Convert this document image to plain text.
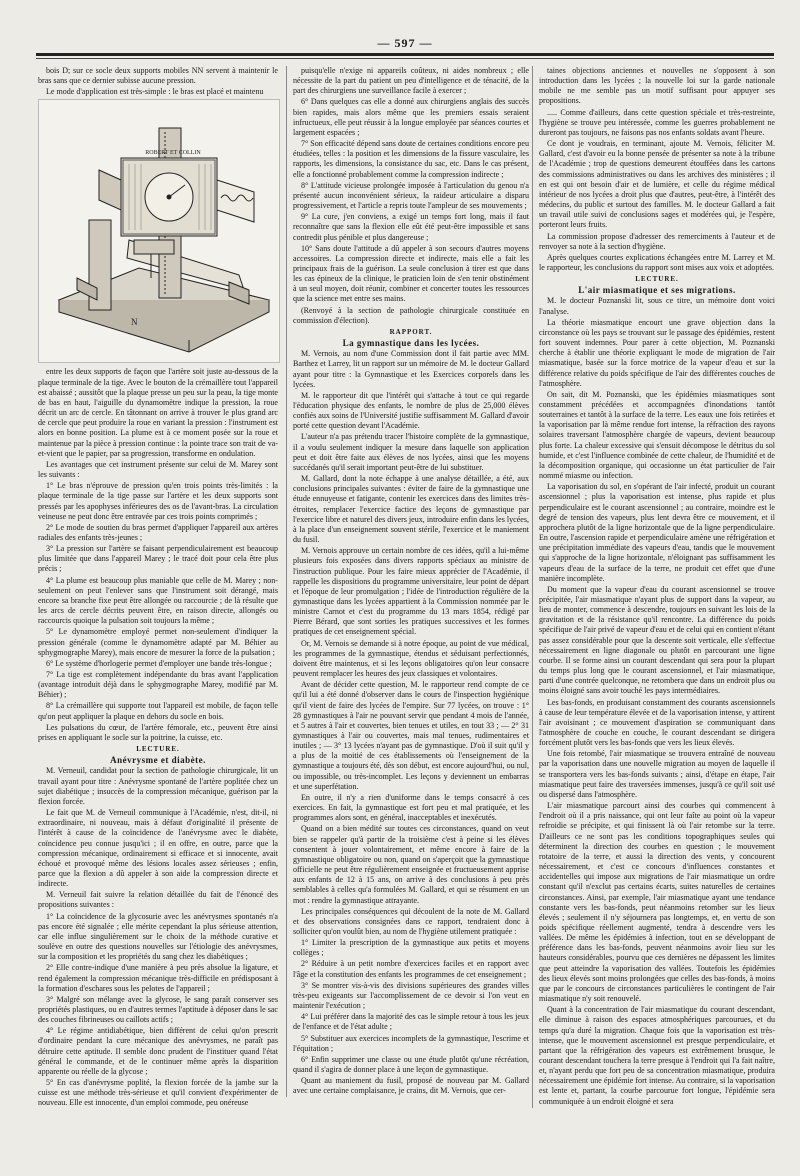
— 597 —

bois D; sur ce socle deux supports mobiles NN servent à maintenir le bras sans que ce dernier subisse aucune pression.

Le mode d'application est très-simple : le bras est placé et maintenu

ROBERT ET COLLIN
N

entre les deux supports de façon que l'artère soit juste au-dessous de la plaque terminale de la tige. Avec le bouton de la crémaillère tout l'appareil est abaissé ; aussitôt que la plaque presse un peu sur la peau, la tige monte de bas en haut, l'aiguille du dynamomètre indique la pression, la roue décrit un arc de cercle. En tâtonnant on arrive à trouver le plus grand arc de cercle que peut produire la roue en variant la pression : l'instrument est alors en bonne position. La plume est à ce moment posée sur la roue et maintenue par la pièce à pression continue : la pointe trace son trait de va-et-vient que le papier, par sa progression, transforme en ondulation.

Les avantages que cet instrument présente sur celui de M. Marey sont les suivants :

1° Le bras n'éprouve de pression qu'en trois points très-limités : la plaque terminale de la tige passe sur l'artère et les deux supports sont pressés par les apophyses inférieures des os de l'avant-bras. La circulation veineuse ne peut donc être entravée par ces trois points comprimés ;

2° Le mode de soutien du bras permet d'appliquer l'appareil aux artères radiales des enfants très-jeunes ;

3° La pression sur l'artère se faisant perpendiculairement est beaucoup plus limitée que dans l'appareil Marey ; le tracé doit pour cela être plus précis ;

4° La plume est beaucoup plus maniable que celle de M. Marey ; non-seulement on peut l'enlever sans que l'instrument soit dérangé, mais encore sa branche fixe peut être allongée ou raccourcie ; de là résulte que les arcs de cercle décrits peuvent être, en raison directe, allongés ou raccourcis quoique la pulsation soit toujours la même ;

5° Le dynamomètre employé permet non-seulement d'indiquer la pression générale (comme le dynamomètre adapté par M. Béhier au sphygmographe Marey), mais encore de mesurer la force de la pulsation ;

6° Le système d'horlogerie permet d'employer une bande très-longue ;

7° La tige est complètement indépendante du bras avant l'application (avantage introduit déjà dans le sphygmographe Marey, modifié par M. Béhier) ;

8° La crémaillère qui supporte tout l'appareil est mobile, de façon telle qu'on peut appliquer la plaque en dehors du socle en bois.

Les pulsations du cœur, de l'artère fémorale, etc., peuvent être ainsi prises en appliquant le socle sur la poitrine, la cuisse, etc.

LECTURE.

Anévrysme et diabète.

M. Verneuil, candidat pour la section de pathologie chirurgicale, lit un travail ayant pour titre : Anévrysme spontané de l'artère poplitée chez un sujet diabétique ; insuccès de la compression mécanique, guérison par la flexion forcée.

Le fait que M. de Verneuil communique à l'Académie, n'est, dit-il, ni extraordinaire, ni nouveau, mais à défaut d'originalité il présente de l'intérêt à cause de la coïncidence de l'anévrysme avec le diabète, coïncidence peu connue jusqu'ici ; il en offre, en outre, parce que la compression mécanique, ordinairement si efficace et si innocente, avait échoué et provoqué même des lésions locales assez sérieuses ; enfin, parce que la flexion a dû appeler à son aide la compression directe et indirecte.

M. Verneuil fait suivre la relation détaillée du fait de l'énoncé des propositions suivantes :

1° La coïncidence de la glycosurie avec les anévrysmes spontanés n'a pas encore été signalée ; elle mérite cependant la plus sérieuse attention, car elle influe singulièrement sur le choix de la méthode curative et soulève en outre des questions nouvelles sur l'étiologie des anévrysmes, sur la composition et les propriétés du sang chez les diabétiques ;

2° Elle contre-indique d'une manière à peu près absolue la ligature, et rend également la compression mécanique très-difficile en prédisposant à la formation d'eschares sous les pelotes de l'appareil ;

3° Malgré son mélange avec la glycose, le sang paraît conserver ses propriétés plastiques, ou en d'autres termes l'aptitude à déposer dans le sac des couches fibrineuses ou caillots actifs ;

4° Le régime antidiabétique, bien différent de celui qu'on prescrit d'ordinaire pendant la cure mécanique des anévrysmes, ne paraît pas détruire cette aptitude. Il semble donc prudent de l'instituer quand l'état général le commande, et de le continuer même après la disparition apparente ou réelle de la glycose ;

5° En cas d'anévrysme poplité, la flexion forcée de la jambe sur la cuisse est une méthode très-sérieuse et qu'il convient d'expérimenter de nouveau. Elle est innocente, d'un emploi commode, peu onéreuse

puisqu'elle n'exige ni appareils coûteux, ni aides nombreux ; elle nécessite de la part du patient un peu d'intelligence et de ténacité, de la part des chirurgiens une surveillance facile à exercer ;

6° Dans quelques cas elle a donné aux chirurgiens anglais des succès bien rapides, mais alors même que les premiers essais seraient infructueux, elle peut réussir à la longue employée par séances courtes et largement espacées ;

7° Son efficacité dépend sans doute de certaines conditions encore peu étudiées, telles : la position et les dimensions de la fissure vasculaire, les rapports, les dimensions, la consistance du sac, etc. Dans le cas présent, elle a fonctionné probablement comme la compression indirecte ;

8° L'attitude vicieuse prolongée imposée à l'articulation du genou n'a présenté aucun inconvénient sérieux, la raideur articulaire a disparu progressivement, et l'article a repris toute l'ampleur de ses mouvements ;

9° La cure, j'en conviens, a exigé un temps fort long, mais il faut reconnaître que sans la flexion elle eût été peut-être impossible et sans contredit plus pénible et plus dangereuse ;

10° Sans doute l'attitude a dû appeler à son secours d'autres moyens accessoires. La compression directe et indirecte, mais elle a fait les principaux frais de la guérison. La seule conclusion à tirer est que dans les cas épineux de la clinique, le praticien loin de s'en tenir obstinément à un seul moyen, doit réunir, combiner et concerter toutes les ressources que la science met entre ses mains.

(Renvoyé à la section de pathologie chirurgicale constituée en commission d'élection).

RAPPORT.

La gymnastique dans les lycées.

M. Vernois, au nom d'une Commission dont il fait partie avec MM. Barthez et Larrey, lit un rapport sur un mémoire de M. le docteur Gallard ayant pour titre : la Gymnastique et les Exercices corporels dans les lycées.

M. le rapporteur dit que l'intérêt qui s'attache à tout ce qui regarde l'éducation physique des enfants, le nombre de plus de 25,000 élèves confiés aux soins de l'Université justifie suffisamment M. Gallard d'avoir porté cette question devant l'Académie.

L'auteur n'a pas prétendu tracer l'histoire complète de la gymnastique, il a voulu seulement indiquer la mesure dans laquelle son application peut et doit être faite aux élèves de nos lycées, ainsi que les moyens succédanés qu'il serait important peut-être de lui substituer.

M. Gallard, dont la note échappe à une analyse détaillée, a été, aux conclusions principales suivantes : éviter de faire de la gymnastique une étude ennuyeuse et fatigante, contenir les exercices dans des limites très-étroites, remplacer l'exercice factice des leçons de gymnastique par l'exercice libre et naturel des divers jeux, introduire enfin dans les lycées, à la place d'un enseignement souvent stérile, l'exercice et le maniement du fusil.

M. Vernois approuve un certain nombre de ces idées, qu'il a lui-même plusieurs fois exposées dans divers rapports spéciaux au ministre de l'instruction publique. Pour les faire mieux apprécier de l'Académie, il rappelle les dispositions du programme universitaire, leur point de départ et l'époque de leur promulgation ; l'idée de l'introduction régulière de la gymnastique dans les lycées appartient à la Commission nommée par le ministre Carnot et c'est du programme du 13 mars 1854, rédigé par Pierre Bérard, que sont sorties les pratiques successives et les formes pratiques de cet enseignement spécial.

Or, M. Vernois se demande si à notre époque, au point de vue médical, les programmes de la gymnastique, étendus et séduisant perfectionnés, doivent être maintenus, et si les leçons obligatoires qu'on leur consacre peuvent remplacer les heures des jeux classiques et volontaires.

Avant de décider cette question, M. le rapporteur rend compte de ce qu'il lui a été donné d'observer dans le cours de l'inspection hygiénique qu'il vient de faire des lycées de l'empire. Sur 77 lycées, on trouve : 1° 28 gymnastiques à l'air ne pouvant servir que pendant 4 mois de l'année, et 5 autres à l'air et couvertes, bien tenues et utiles, en tout 33 ; — 2° 31 gymnastiques à l'air ou couvertes, mais mal tenues, rudimentaires et inutiles ; — 3° 13 lycées n'ayant pas de gymnastique. D'où il suit qu'il y a plus de la moitié de ces établissements où l'enseignement de la gymnastique a toujours été, dès son début, est encore aujourd'hui, ou nul, ou impossible, ou très-incomplet. Les leçons y deviennent un embarras et une superfétation.

En outre, il n'y a rien d'uniforme dans le temps consacré à ces exercices. En fait, la gymnastique est fort peu et mal pratiquée, et les programmes alors sont, en général, inacceptables et inexécutés.

Quand on a bien médité sur toutes ces circonstances, quand on veut bien se rappeler qu'à partir de la troisième c'est à peine si les élèves consentent à jouer volontairement, et même encore à faire de la gymnastique obligatoire ou non, quand on s'aperçoit que la gymnastique officielle ne peut être régulièrement enseignée et fructueusement apprise aux enfants de 12 à 15 ans, on arrive à des conclusions à peu près semblables à celles qu'a formulées M. Gallard, et qui se résument en un mot : rendre la gymnastique attrayante.

Les principales conséquences qui découlent de la note de M. Gallard et des observations consignées dans ce rapport, tendraient donc à solliciter qu'on voulût bien, au nom de l'hygiène utilement pratiquée :

1° Limiter la prescription de la gymnastique aux petits et moyens collèges ;

2° Réduire à un petit nombre d'exercices faciles et en rapport avec l'âge et la constitution des enfants les programmes de cet enseignement ;

3° Se montrer vis-à-vis des divisions supérieures des grandes villes très-peu exigeants sur l'accomplissement de ce devoir si l'on veut en maintenir l'exécution ;

4° Lui préférer dans la majorité des cas le simple retour à tous les jeux de l'enfance et de l'état adulte ;

5° Substituer aux exercices incomplets de la gymnastique, l'escrime et l'équitation ;

6° Enfin supprimer une classe ou une étude plutôt qu'une récréation, quand il s'agira de donner place à une leçon de gymnastique.

Quant au maniement du fusil, proposé de nouveau par M. Gallard avec une certaine complaisance, je crains, dit M. Vernois, que cer-

taines objections anciennes et nouvelles ne s'opposent à son introduction dans les lycées ; la nouvelle loi sur la garde nationale mobile ne me semble pas un motif suffisant pour appuyer ses propositions.

..... Comme d'ailleurs, dans cette question spéciale et très-restreinte, l'hygiène se trouve peu intéressée, comme les guerres probablement ne dureront pas toujours, ne faisons pas nos enfants soldats avant l'heure.

Ce dont je voudrais, en terminant, ajoute M. Vernois, féliciter M. Gallard, c'est d'avoir eu la bonne pensée de présenter sa note à la tribune de l'Académie ; trop de questions demeurent étouffées dans les cartons des commissions administratives ou dans les archives des ministères ; il en est qui ont besoin d'air et de lumière, et celle du régime médical intérieur de nos lycées a droit plus que d'autres, peut-être, à l'intérêt des médecins, du public et surtout des familles. M. le docteur Gallard a fait un travail utile suivi de conclusions sages et modérées qui, je l'espère, porteront leurs fruits.

La commission propose d'adresser des remerciments à l'auteur et de renvoyer sa note à la section d'hygiène.

Après quelques courtes explications échangées entre M. Larrey et M. le rapporteur, les conclusions du rapport sont mises aux voix et adoptées.

LECTURE.

L'air miasmatique et ses migrations.

M. le docteur Poznanski lit, sous ce titre, un mémoire dont voici l'analyse.

La théorie miasmatique encourt une grave objection dans la circonstance où les pays se trouvant sur le passage des épidémies, restent fort souvent indemnes. Pour parer à cette objection, M. Poznanski cherche à établir une théorie expliquant le mode de migration de l'air miasmatique, basée sur la force motrice de la vapeur d'eau et sur la différence relative du poids spécifique de l'air des différentes couches de l'atmosphère.

On sait, dit M. Poznanski, que les épidémies miasmatiques sont constamment précédées et accompagnées d'inondations tantôt souterraines et tantôt à la surface de la terre. Les eaux une fois retirées et la vaporisation par là même rendue fort intense, la réfraction des rayons solaires traversant l'atmosphère chargée de vapeurs, devient beaucoup plus forte. La chaleur excessive qui s'ensuit décompose le détritus du sol humide, et c'est l'influence combinée de cette chaleur, de l'humidité et de la décomposition organique, qui occasionne un état particulier de l'air nommé miasme ou infection.

La vaporisation du sol, en s'opérant de l'air infecté, produit un courant ascensionnel ; plus la vaporisation est intense, plus rapide et plus perpendiculaire est le courant ascensionnel ; au contraire, moindre est le degré de tension des vapeurs, plus lent devra être ce mouvement, et il approchera plutôt de la ligne horizontale que de la ligne perpendiculaire. En outre, l'ascension rapide et perpendiculaire amène une réfrigération et une précipitation immédiate des vapeurs d'eau, tandis que le mouvement qui s'approche de la ligne horizontale, n'éloignant pas suffisamment les vapeurs d'eau de la surface de la terre, ne produit cet effet que d'une manière incomplète.

Du moment que la vapeur d'eau du courant ascensionnel se trouve précipitée, l'air miasmatique n'ayant plus de support dans la vapeur, au lieu de monter, commence à descendre, toujours en suivant les lois de la gravitation et de la résistance qu'il rencontre. La différence du poids spécifique de l'air privé de vapeur d'eau et de celui qui en contient n'étant pas assez considérable pour que la descente soit verticale, elle s'effectue nécessairement en ligne diagonale ou plutôt en parcourant une ligne courbe. Il se forme ainsi un courant descendant qui sera pour la plupart du temps plus long que le courant ascensionnel, et l'air miasmatique, parti d'une contrée quelconque, ne retombera que dans un endroit plus ou moins éloigné sans avoir touché les pays intermédiaires.

Les bas-fonds, en produisant constamment des courants ascensionnels à cause de leur température élevée et de la vaporisation intense, y attirent l'air avoisinant ; ce mouvement d'aspiration se communiquant dans l'atmosphère de couche en couche, le courant descendant se dirigera forcément plutôt vers les bas-fonds que vers les lieux élevés.

Une fois retombé, l'air miasmatique se trouvera entraîné de nouveau par la vaporisation dans une nouvelle migration au moyen de laquelle il se transportera vers les bas-fonds suivants ; ainsi, d'étape en étape, l'air miasmatique peut faire des traversées immenses, jusqu'à ce qu'il soit usé ou dispersé dans l'atmosphère.

L'air miasmatique parcourt ainsi des courbes qui commencent à l'endroit où il a pris naissance, qui ont leur faîte au point où la vapeur refroidie se précipite, et qui finissent là où l'air retombe sur la terre. D'ailleurs ce ne sont pas les conditions topographiques seules qui déterminent la direction des courbes en question ; le mouvement rotatoire de la terre, et aussi la direction des vents, y concourent nécessairement, et c'est ce concours d'influences constantes et accidentelles qui impose aux migrations de l'air miasmatique un ordre constant qu'il n'exclut pas certains écarts, suites naturelles de certaines circonstances. Ainsi, par exemple, l'air miasmatique ayant une tendance constante vers les bas-fonds, peut néanmoins retomber sur les lieux élevés ; seulement il n'y séjournera pas longtemps, et, en vertu de son poids spécifique réellement augmenté, tendra à descendre vers les vallées. De même les épidémies à infection, tout en se développant de préférence dans les bas-fonds, peuvent néanmoins avoir lieu sur les hauteurs considérables, pourvu que ces dernières ne dépassent les limites que peut atteindre la vaporisation des vallées. Toutefois les épidémies des lieux élevés sont moins prolongées que celles des bas-fonds, à moins que par le concours de circonstances particulières le contingent de l'air miasmatique n'y soit renouvelé.

Quant à la concentration de l'air miasmatique du courant descendant, elle diminue à raison des espaces atmosphériques parcourues, et du temps qu'a duré la migration. Chaque fois que la vaporisation est très-intense, que le mouvement ascensionnel est presque perpendiculaire, et partant que la réfrigération des vapeurs est extrêmement brusque, le courant descendant touchera la terre presque à l'endroit qui l'a fait naître, et, n'ayant perdu que fort peu de sa concentration miasmatique, produira nécessairement une épidémie fort intense. Au contraire, si la vaporisation est lente et, partant, la courbe parcourue fort longue, l'épidémie sera communiquée à un endroit éloigné et sera
